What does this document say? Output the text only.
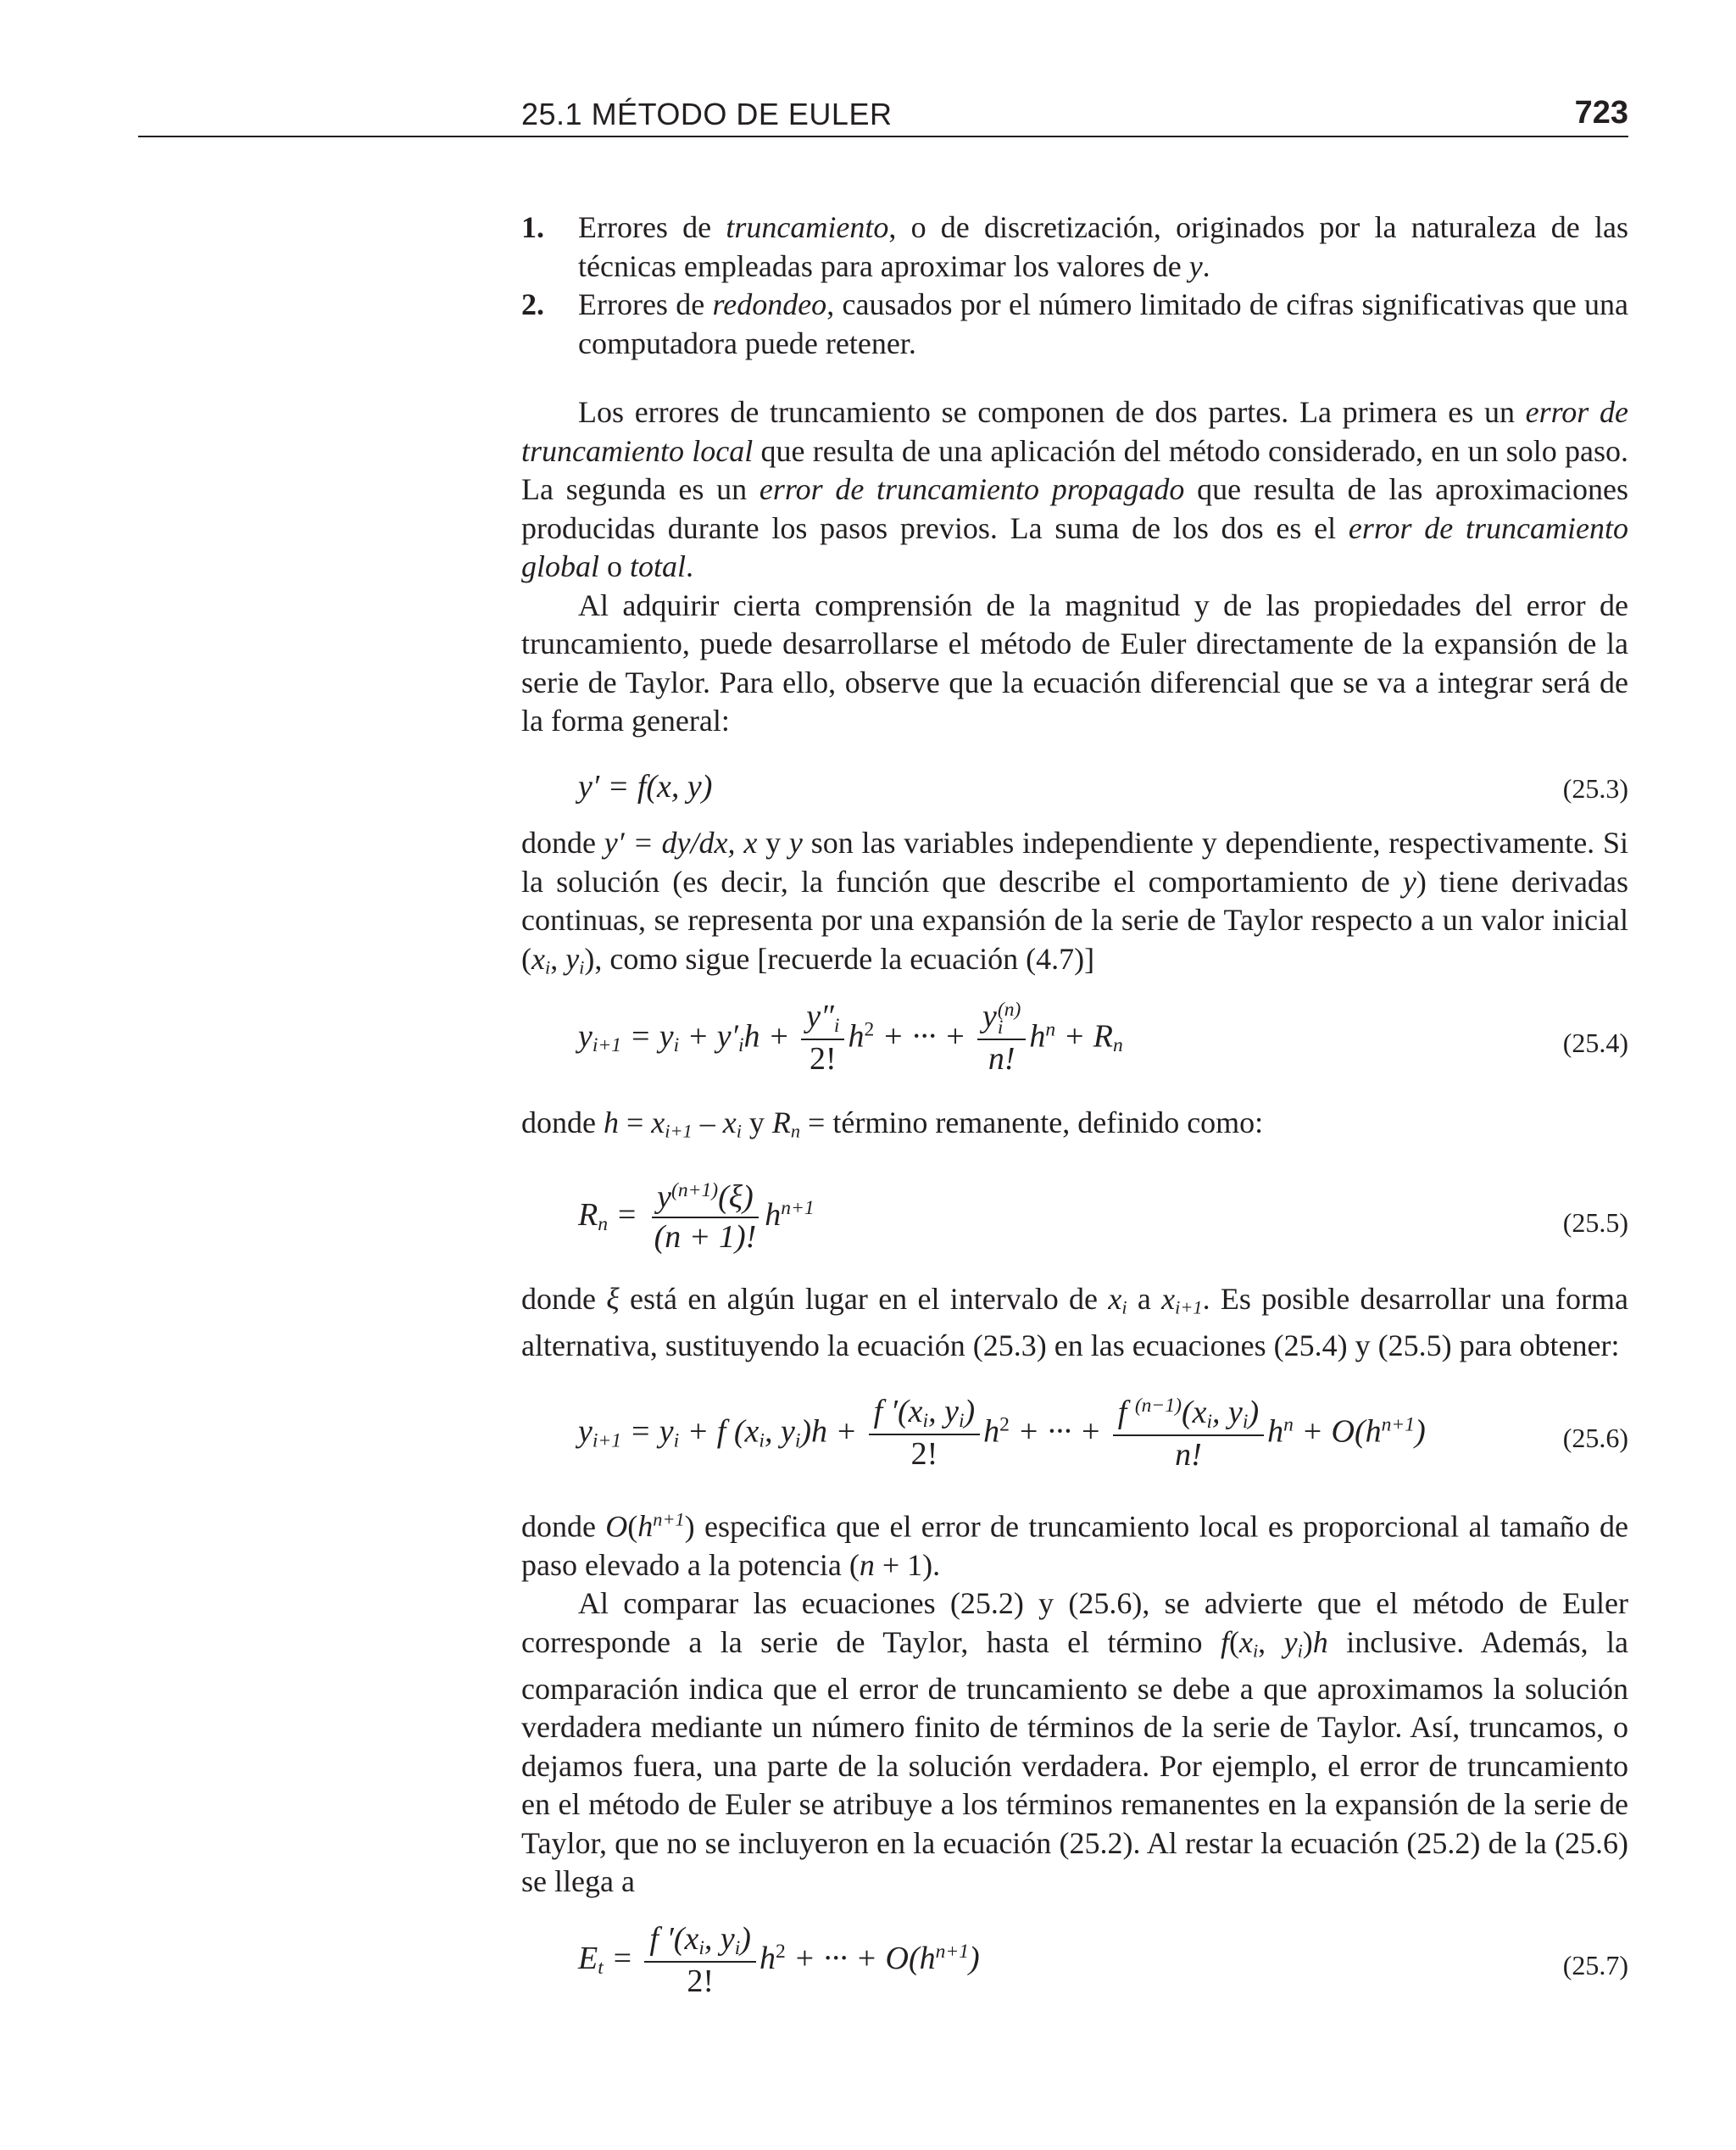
25.1 MÉTODO DE EULER	723
1. Errores de truncamiento, o de discretización, originados por la naturaleza de las técnicas empleadas para aproximar los valores de y.
2. Errores de redondeo, causados por el número limitado de cifras significativas que una computadora puede retener.

Los errores de truncamiento se componen de dos partes. La primera es un error de truncamiento local que resulta de una aplicación del método considerado, en un solo paso. La segunda es un error de truncamiento propagado que resulta de las aproximaciones producidas durante los pasos previos. La suma de los dos es el error de truncamiento global o total.

Al adquirir cierta comprensión de la magnitud y de las propiedades del error de truncamiento, puede desarrollarse el método de Euler directamente de la expansión de la serie de Taylor. Para ello, observe que la ecuación diferencial que se va a integrar será de la forma general:

y′ = f(x, y)	(25.3)

donde y′ = dy/dx, x y y son las variables independiente y dependiente, respectivamente. Si la solución (es decir, la función que describe el comportamiento de y) tiene derivadas continuas, se representa por una expansión de la serie de Taylor respecto a un valor inicial ($x_i$, $y_i$), como sigue [recuerde la ecuación (4.7)]

$y_{i+1} = y_i + y'_ih + \frac{y''_i}{2!} h^2$ + ··· + y (n)
i
n! $h^n + R_n$	(25.4)

donde $h = x_{i+1} - x_i$ y $R_n$ = término remanente, definido como:

$R_n = \frac{y^{(n+1)}(\xi)}{(n + 1)!} h^{n+1}$	(25.5)

donde ξ está en algún lugar en el intervalo de $x_i$ a $x_{i+1}$. Es posible desarrollar una forma alternativa, sustituyendo la ecuación (25.3) en las ecuaciones (25.4) y (25.5) para obtener:

$y_{i+1} = y_i + f$ ($x_i$, $y_i)h + \frac{f '(x_i, y_i)}{2!} h^2$ + ··· + $\frac{f ^{(n-1)}(x_i, y_i)}{n!} h^n + O(h^{n+1})$	(25.6)

donde $O(h^{n+1})$ especifica que el error de truncamiento local es proporcional al tamaño de paso elevado a la potencia (n + 1).

Al comparar las ecuaciones (25.2) y (25.6), se advierte que el método de Euler corresponde a la serie de Taylor, hasta el término $f(x_i$, $y_i)h$ inclusive. Además, la comparación indica que el error de truncamiento se debe a que aproximamos la solución verdadera mediante un número finito de términos de la serie de Taylor. Así, truncamos, o dejamos fuera, una parte de la solución verdadera. Por ejemplo, el error de truncamiento en el método de Euler se atribuye a los términos remanentes en la expansión de la serie de Taylor, que no se incluyeron en la ecuación (25.2). Al restar la ecuación (25.2) de la (25.6) se llega a

$E_t = \frac{f '(x_i, y_i)}{2!} h^2$ + ··· + $O(h^{n+1})$	(25.7)
